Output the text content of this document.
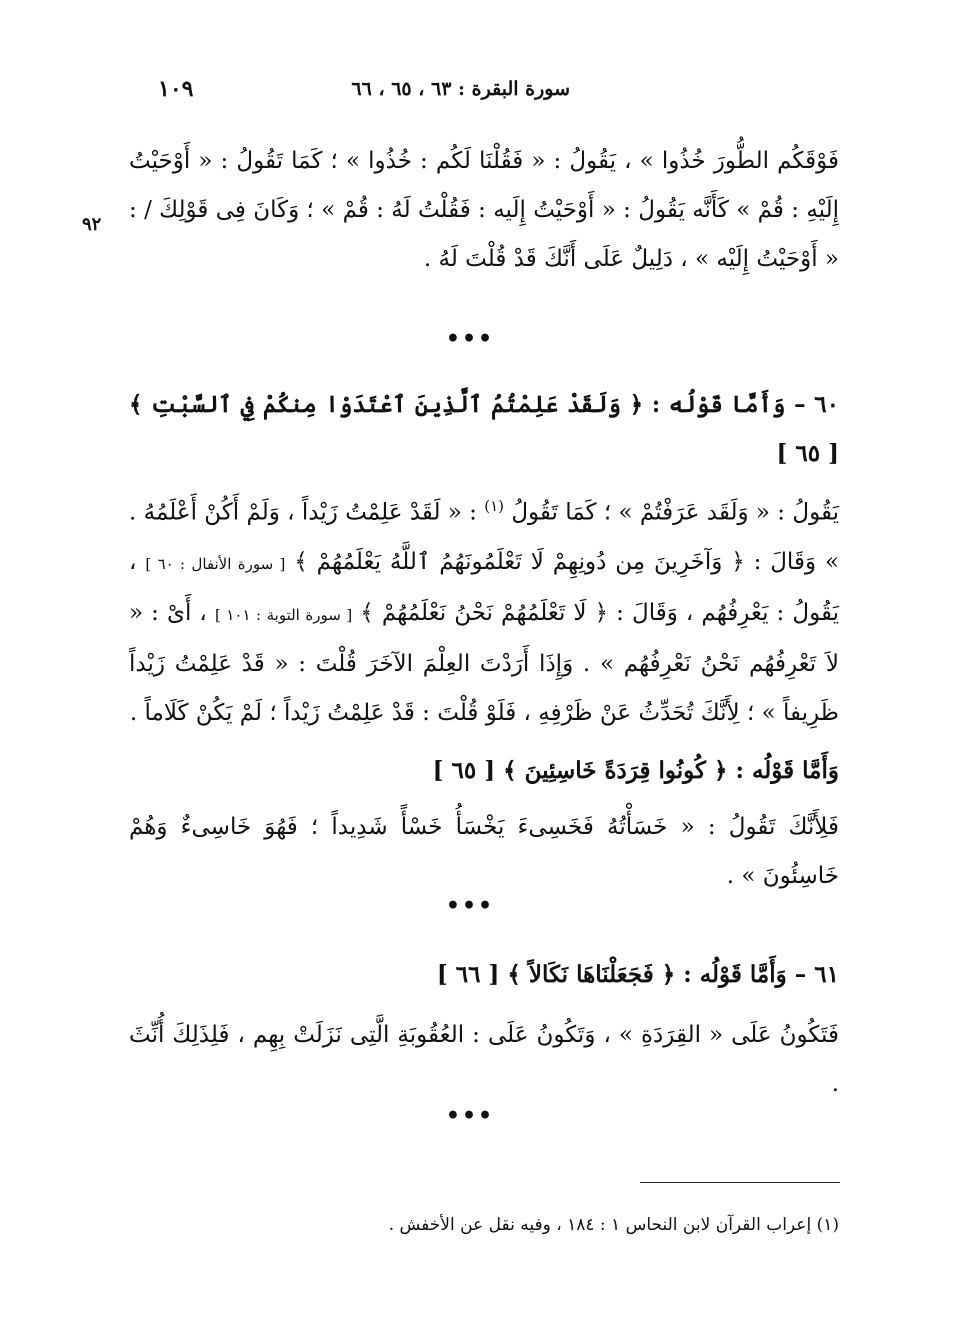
سورة البقرة : ٦٣ ، ٦٥ ، ٦٦
١٠٩

فَوْقَكُم الطُّورَ خُذُوا » ، يَقُولُ : « فَقُلْنَا لَكُم : خُذُوا » ؛ كَمَا تَقُولُ : « أَوْحَيْتُ إِلَيْهِ : قُمْ » كَأَنَّه يَقُولُ : « أَوْحَيْتُ إِلَيه : فَقُلْتُ لَهُ : قُمْ » ؛ وَكَانَ فِى قَوْلِكَ / : « أَوْحَيْتُ إِلَيْه » ، دَلِيلٌ عَلَى أَنَّكَ قَدْ قُلْتَ لَهُ .

٩٢
•••

٦٠ – وَأَمَّا قَوْلُه : ﴿ وَلَقَدْ عَلِمْتُمُ ٱلَّذِينَ ٱعْتَدَوْا مِنكُمْ فِي ٱلسَّبْتِ ﴾ [ ٦٥ ]

يَقُولُ : « وَلَقَد عَرَفْتُمْ » ؛ كَمَا تَقُولُ $^{(١)}$ : « لَقَدْ عَلِمْتُ زَيْداً ، وَلَمْ أَكُنْ أَعْلَمُهُ . » وَقَالَ : ﴿ وَآخَرِينَ مِن دُونِهِمْ لَا تَعْلَمُونَهُمُ ٱللَّهُ يَعْلَمُهُمْ ﴾ [ سورة الأنفال : ٦٠ ] ، يَقُولُ : يَعْرِفُهُم ، وَقَالَ : ﴿ لَا تَعْلَمُهُمْ نَحْنُ نَعْلَمُهُمْ ﴾ [ سورة التوبة : ١٠١ ] ، أَىْ : « لاَ تَعْرِفُهُم نَحْنُ نَعْرِفُهُم » . وَإِذَا أَرَدْتَ العِلْمَ الآخَرَ قُلْتَ : « قَدْ عَلِمْتُ زَيْداً ظَرِيفاً » ؛ لِأَنَّكَ تُحَدِّثُ عَنْ ظَرْفِهِ ، فَلَوْ قُلْتَ : قَدْ عَلِمْتُ زَيْداً ؛ لَمْ يَكُنْ كَلَاماً .

وَأَمَّا قَوْلُه : ﴿ كُونُوا قِرَدَةً خَاسِئِينَ ﴾ [ ٦٥ ]

فَلِأَنَّكَ تَقُولُ : « خَسَأْتُهُ فَخَسِىءَ يَخْسَأُ خَسْأً شَدِيداً ؛ فَهُوَ خَاسِىءٌ وَهُمْ خَاسِئُونَ » .

•••

٦١ – وَأَمَّا قَوْلُه : ﴿ فَجَعَلْنَاهَا نَكَالاً ﴾ [ ٦٦ ]

فَتَكُونُ عَلَى « القِرَدَةِ » ، وَتَكُونُ عَلَى : العُقُوبَةِ الَّتِى نَزَلَتْ بِهِم ، فَلِذَلِكَ أُنِّثَ .

•••
(١) إعراب القرآن لابن النحاس ١ : ١٨٤ ، وفيه نقل عن الأخفش .
